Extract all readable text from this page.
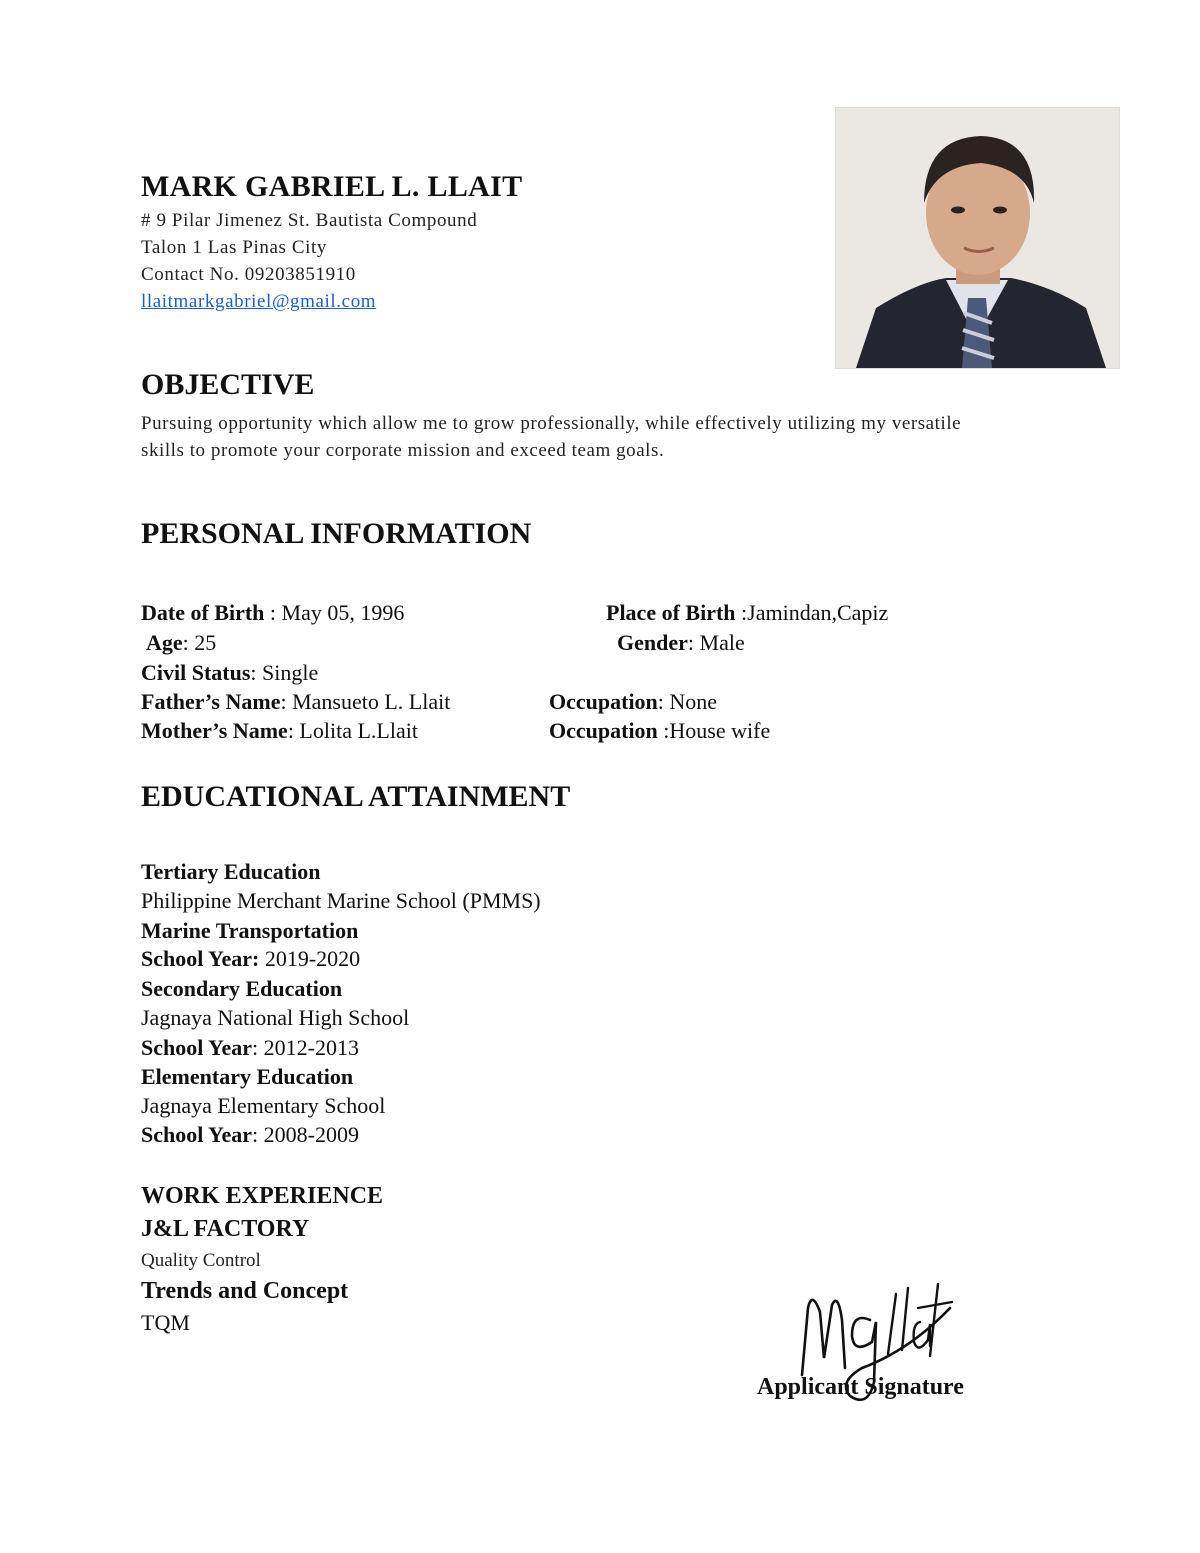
MARK GABRIEL L. LLAIT
# 9 Pilar Jimenez St. Bautista Compound
Talon 1 Las Pinas City
Contact No. 09203851910
llaitmarkgabriel@gmail.com
OBJECTIVE
Pursuing opportunity which allow me to grow professionally, while effectively utilizing my versatile
skills to promote your corporate mission and exceed team goals.
PERSONAL INFORMATION
Date of Birth : May 05, 1996	Place of Birth :Jamindan,Capiz
Age: 25	Gender: Male
Civil Status: Single
Father’s Name: Mansueto L. Llait	Occupation: None
Mother’s Name: Lolita L.Llait	Occupation :House wife
EDUCATIONAL ATTAINMENT
Tertiary Education
Philippine Merchant Marine School (PMMS)
Marine Transportation
School Year: 2019-2020
Secondary Education
Jagnaya National High School
School Year: 2012-2013
Elementary Education
Jagnaya Elementary School
School Year: 2008-2009
WORK EXPERIENCE
J&L FACTORY
Quality Control
Trends and Concept
TQM
Applicant Signature
